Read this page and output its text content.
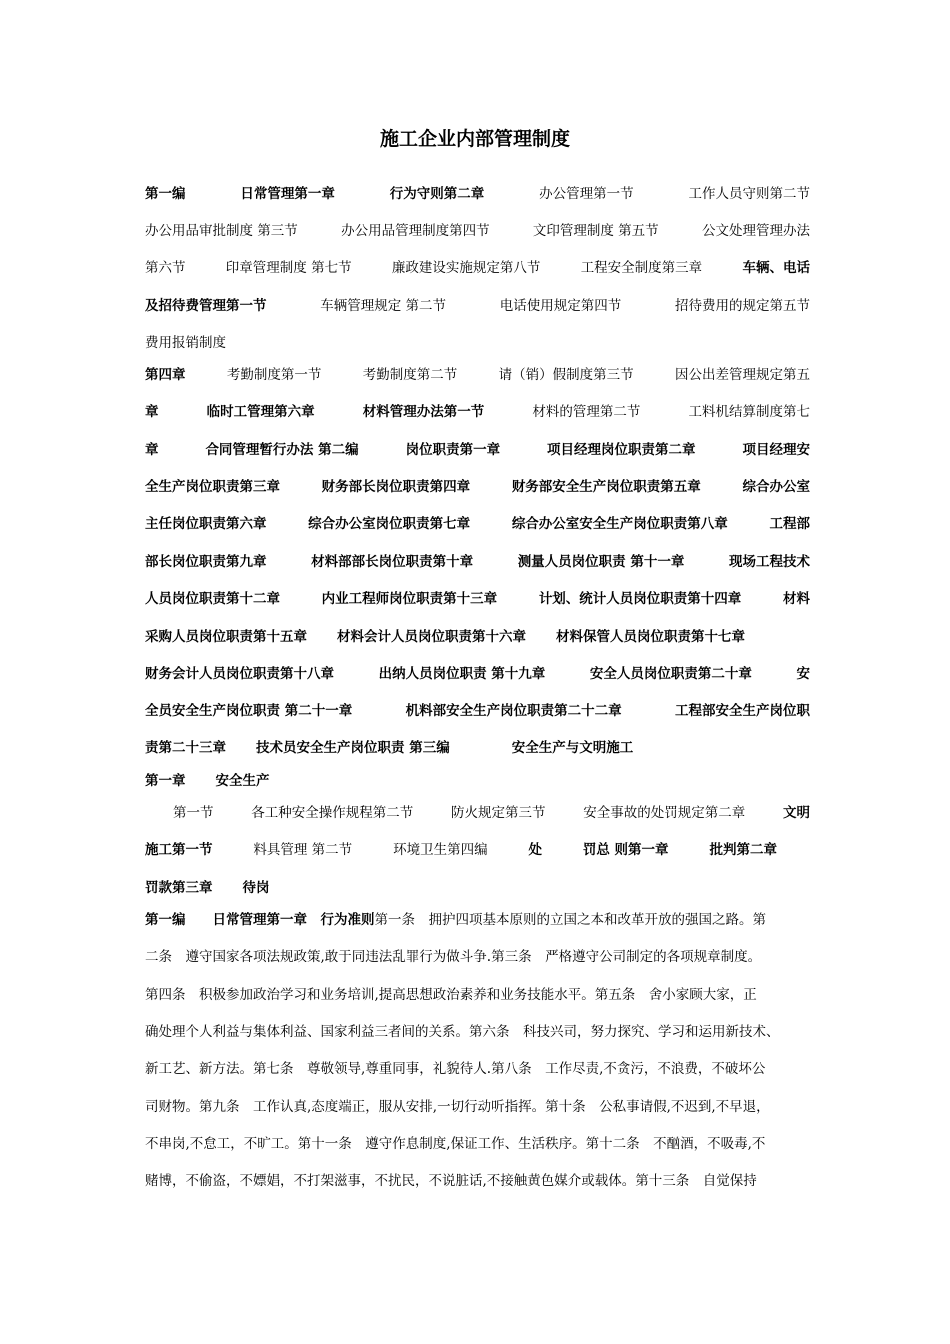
施工企业内部管理制度
第一编	日常管理第一章	行为守则第二章	办公管理第一节	工作人员守则第二节
办公用品审批制度 第三节	办公用品管理制度第四节	文印管理制度 第五节	公文处理管理办法
第六节	印章管理制度 第七节	廉政建设实施规定第八节	工程安全制度第三章	车辆、电话
及招待费管理第一节	车辆管理规定 第二节	电话使用规定第四节	招待费用的规定第五节
费用报销制度
第四章	考勤制度第一节	考勤制度第二节	请（销）假制度第三节	因公出差管理规定第五
章	临时工管理第六章	材料管理办法第一节	材料的管理第二节	工料机结算制度第七
章	合同管理暂行办法 第二编	岗位职责第一章	项目经理岗位职责第二章	项目经理安
全生产岗位职责第三章	财务部长岗位职责第四章	财务部安全生产岗位职责第五章	综合办公室
主任岗位职责第六章	综合办公室岗位职责第七章	综合办公室安全生产岗位职责第八章	工程部
部长岗位职责第九章	材料部部长岗位职责第十章	测量人员岗位职责 第十一章	现场工程技术
人员岗位职责第十二章	内业工程师岗位职责第十三章	计划、统计人员岗位职责第十四章	材料
采购人员岗位职责第十五章 材料会计人员岗位职责第十六章 材料保管人员岗位职责第十七章
财务会计人员岗位职责第十八章	出纳人员岗位职责 第十九章	安全人员岗位职责第二十章	安
全员安全生产岗位职责 第二十一章	机料部安全生产岗位职责第二十二章	工程部安全生产岗位职
责第二十三章 技术员安全生产岗位职责 第三编	安全生产与文明施工
第一章 安全生产
第一节	各工种安全操作规程第二节	防火规定第三节	安全事故的处罚规定第二章	文明
施工第一节	料具管理 第二节	环境卫生第四编	处	罚总 则第一章	批判第二章
罚款第三章 待岗
第一编　　日常管理第一章　行为准则第一条　拥护四项基本原则的立国之本和改革开放的强国之路。第
二条　遵守国家各项法规政策,敢于同违法乱罪行为做斗争.第三条　严格遵守公司制定的各项规章制度。
第四条　积极参加政治学习和业务培训,提高思想政治素养和业务技能水平。第五条　舍小家顾大家，正
确处理个人利益与集体利益、国家利益三者间的关系。第六条　科技兴司，努力探究、学习和运用新技术、
新工艺、新方法。第七条　尊敬领导,尊重同事，礼貌待人.第八条　工作尽责,不贪污，不浪费，不破坏公
司财物。第九条　工作认真,态度端正，服从安排,一切行动听指挥。第十条　公私事请假,不迟到,不早退，
不串岗,不怠工，不旷工。第十一条　遵守作息制度,保证工作、生活秩序。第十二条　不酗酒，不吸毒,不
赌博，不偷盗，不嫖娼，不打架滋事，不扰民，不说脏话,不接触黄色媒介或载体。第十三条　自觉保持
